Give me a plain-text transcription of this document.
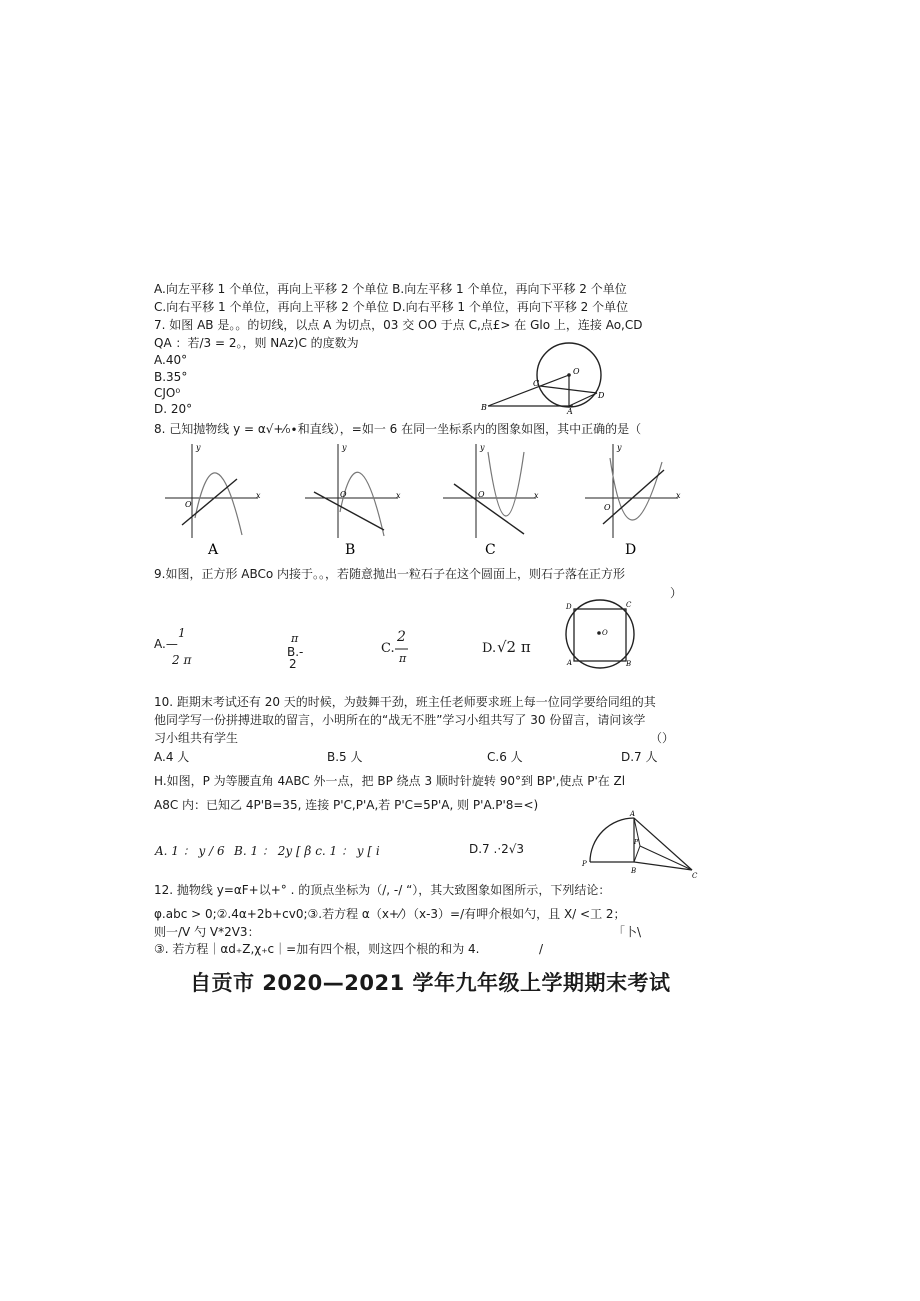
A.向左平移 1 个单位，再向上平移 2 个单位 B.向左平移 1 个单位，再向下平移 2 个单位
C.向右平移 1 个单位，再向上平移 2 个单位 D.向右平移 1 个单位，再向下平移 2 个单位
7. 如图 AB 是。。的切线，以点 A 为切点，03 交 OO 于点 C,点£> 在 Glo 上，连接 Ao,CD
QA ：若/3 = 2。，则 NAz)C 的度数为
A.40°
B.35°
CJO⁰
D. 20°
8. 己知抛物线 y = α√+⁄₀∙和直线），=如一 6 在同一坐标系内的图象如图，其中正确的是（
9.如图，正方形 ABCo 内接于。。，若随意抛出一粒石子在这个圆面上，则石子落在正方形
）
A.—
1
2 π
π
B.-
2
C.
2
π
D. √2 π
10. 距期末考试还有 20 天的时候，为鼓舞干劲，班主任老师要求班上每一位同学要给同组的其
他同学写一份拼搏进取的留言，小明所在的“战无不胜”学习小组共写了 30 份留言，请问该学
习小组共有学生	（）
A.4 人	B.5 人	C.6 人	D.7 人
H.如图，P 为等腰直角 4ABC 外一点，把 BP 绕点 3 顺时针旋转 90°到 BP',使点 P'在 Zl
A8C 内：已知乙 4P'B=35, 连接 P'C,P'A,若 P'C=5P'A, 则 P'A.P'8=<)
A. 1 ： y / 6 B. 1 ： 2y [ β c. 1 ： y [ i	D.7 .·2√3
12. 抛物线 y=αF+以+° . 的顶点坐标为（/, -/ “），其大致图象如图所示，下列结论：
φ.abc > 0;②.4α+2b+cv0;③.若方程 α（x+⁄）（x-3）=/有呷介根如勺，且 X/ <工 2；
「卜\
则一/V 勺 V*2V3：
③. 若方程｜αd₊Z,χ₊c｜=加有四个根，则这四个根的和为 4.	/
自贡市 2020—2021 学年九年级上学期期末考试
O
A
B
C
D
y
x
O
A
y
x
O
B
y
x
O
C
y
x
O
D
O
D	C
A	B
A
B
C
P
P'
